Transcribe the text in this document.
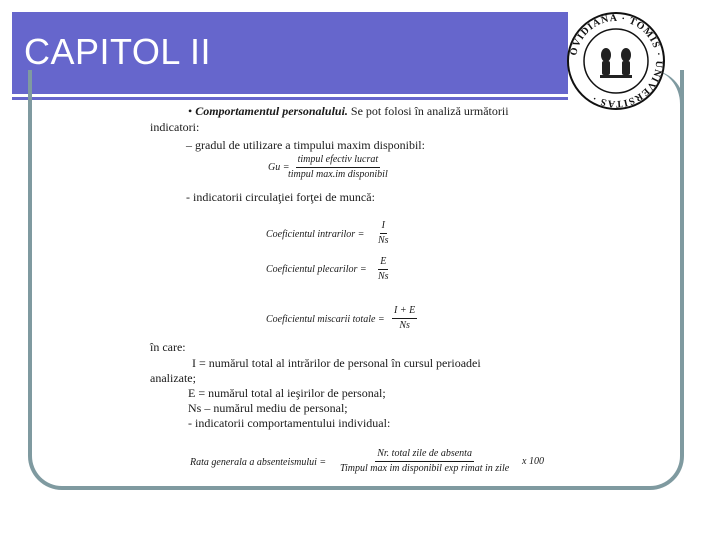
CAPITOL II	OVIDIANA · TOMIS · UNIVERSITAS ·
• Comportamentul personalului. Se pot folosi în analiză următorii
indicatori:
– gradul de utilizare a timpului maxim disponibil:
Gu =
timpul efectiv lucrat
timpul max.im disponibil
- indicatorii circulaţiei forţei de muncă:
Coeficientul intrarilor = $\frac{I}{Ns}$
Coeficientul plecarilor = $\frac{E}{Ns}$
Coeficientul miscarii totale = $\frac{I + E}{Ns}$
în care:
I = numărul total al intrărilor de personal în cursul perioadei
analizate;
E = numărul total al ieşirilor de personal;
Ns – numărul mediu de personal;
- indicatorii comportamentului individual:
Rata generala a absenteismului =
Nr. total zile de absenta
Timpul max im disponibil exp rimat in zile
x 100
